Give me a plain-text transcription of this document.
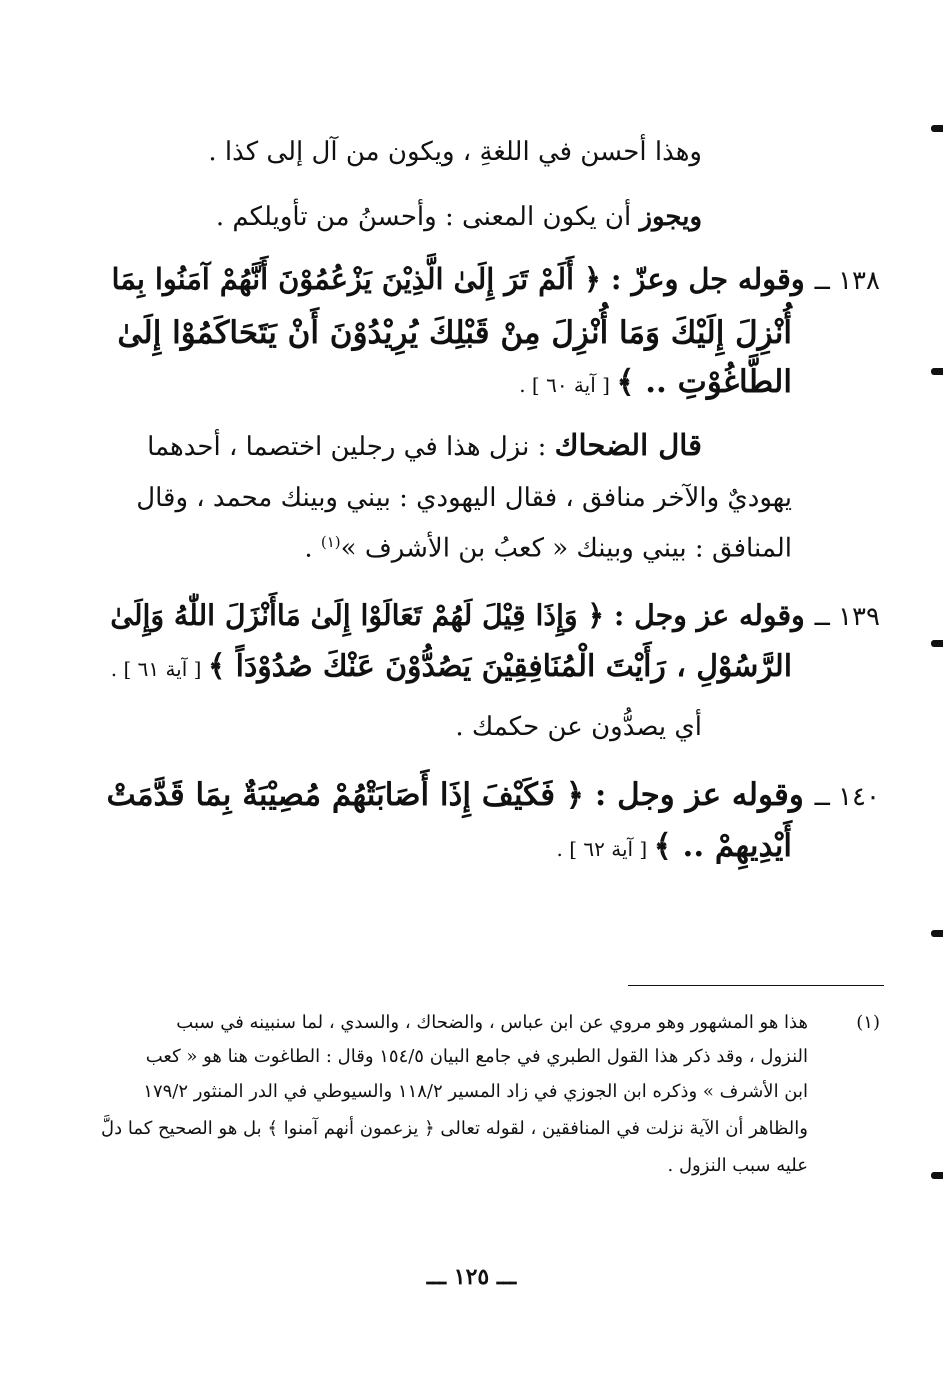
وهذا أحسن في اللغةِ ، ويكون من آل إلى كذا .
ويجوز أن يكون المعنى : وأحسنُ من تأويلكم .
١٣٨ ــ وقوله جل وعزّ : ﴿ أَلَمْ تَرَ إِلَىٰ الَّذِيْنَ يَزْعُمُوْنَ أَنَّهُمْ آمَنُوا بِمَا
أُنْزِلَ إِلَيْكَ وَمَا أُنْزِلَ مِنْ قَبْلِكَ يُرِيْدُوْنَ أَنْ يَتَحَاكَمُوْا إِلَىٰ
الطَّاغُوْتِ .. ﴾ [ آية ٦٠ ] .
قال الضحاك : نزل هذا في رجلين اختصما ، أحدهما
يهوديٌ والآخر منافق ، فقال اليهودي : بيني وبينك محمد ، وقال
المنافق : بيني وبينك « كعبُ بن الأشرف »$^{(١)}$ .
١٣٩ ــ وقوله عز وجل : ﴿ وَإِذَا قِيْلَ لَهُمْ تَعَالَوْا إِلَىٰ مَاأَنْزَلَ اللّٰهُ وَإِلَىٰ
الرَّسُوْلِ ، رَأَيْتَ الْمُنَافِقِيْنَ يَصُدُّوْنَ عَنْكَ صُدُوْدَاً ﴾ [ آية ٦١ ] .
أي يصدُّون عن حكمك .
١٤٠ ــ وقوله عز وجل : ﴿ فَكَيْفَ إِذَا أَصَابَتْهُمْ مُصِيْبَةٌ بِمَا قَدَّمَتْ
أَيْدِيهِمْ .. ﴾ [ آية ٦٢ ] .
(١)
هذا هو المشهور وهو مروي عن ابن عباس ، والضحاك ، والسدي ، لما سنبينه في سبب
النزول ، وقد ذكر هذا القول الطبري في جامع البيان ١٥٤/٥ وقال : الطاغوت هنا هو « كعب
ابن الأشرف » وذكره ابن الجوزي في زاد المسير ١١٨/٢ والسيوطي في الدر المنثور ١٧٩/٢
والظاهر أن الآية نزلت في المنافقين ، لقوله تعالى ﴿ يزعمون أنهم آمنوا ﴾ بل هو الصحيح كما دلَّ
عليه سبب النزول .
ـــ ١٢٥ ـــ
